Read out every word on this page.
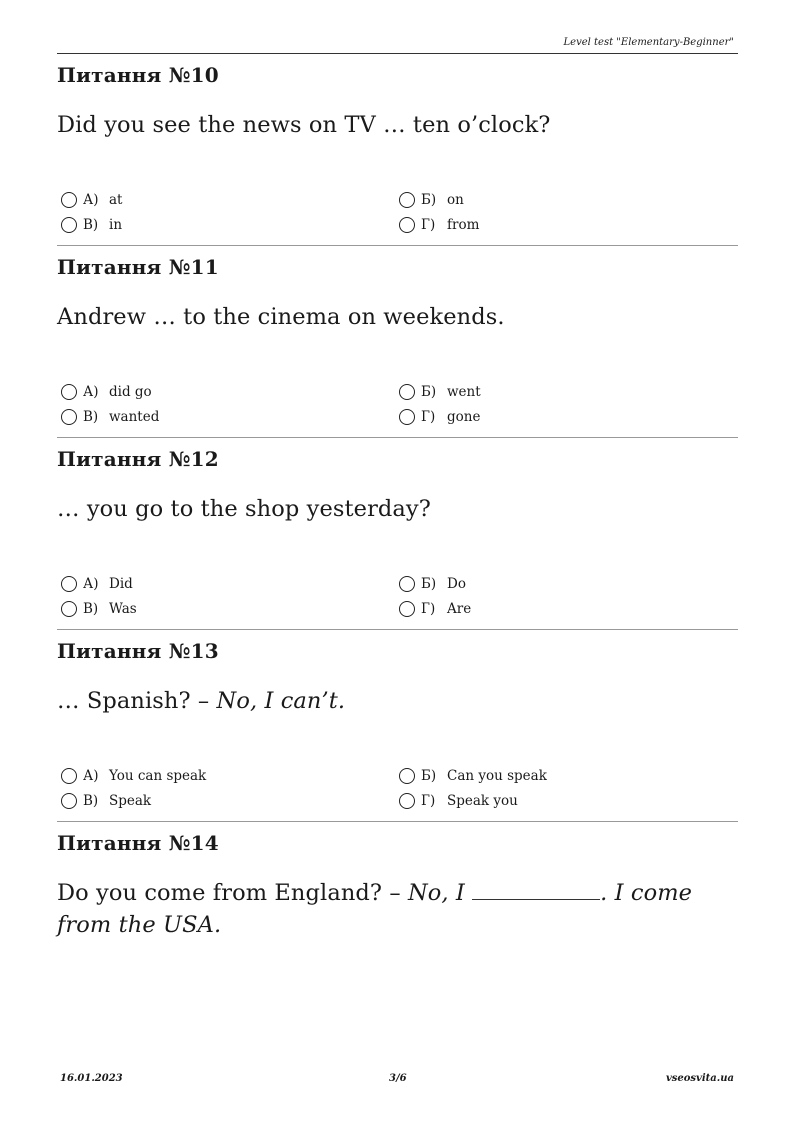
Level test "Elementary-Beginner"
Питання №10
Did you see the news on TV … ten o’clock?
А) at	Б) on
В) in	Г) from
Питання №11
Andrew … to the cinema on weekends.
А) did go	Б) went
В) wanted	Г) gone
Питання №12
… you go to the shop yesterday?
А) Did	Б) Do
В) Was	Г) Are
Питання №13
… Spanish? – No, I can’t.
А) You can speak	Б) Can you speak
В) Speak	Г) Speak you
Питання №14
Do you come from England? – No, I	. I come from the USA.
16.01.2023	3/6	vseosvita.ua
